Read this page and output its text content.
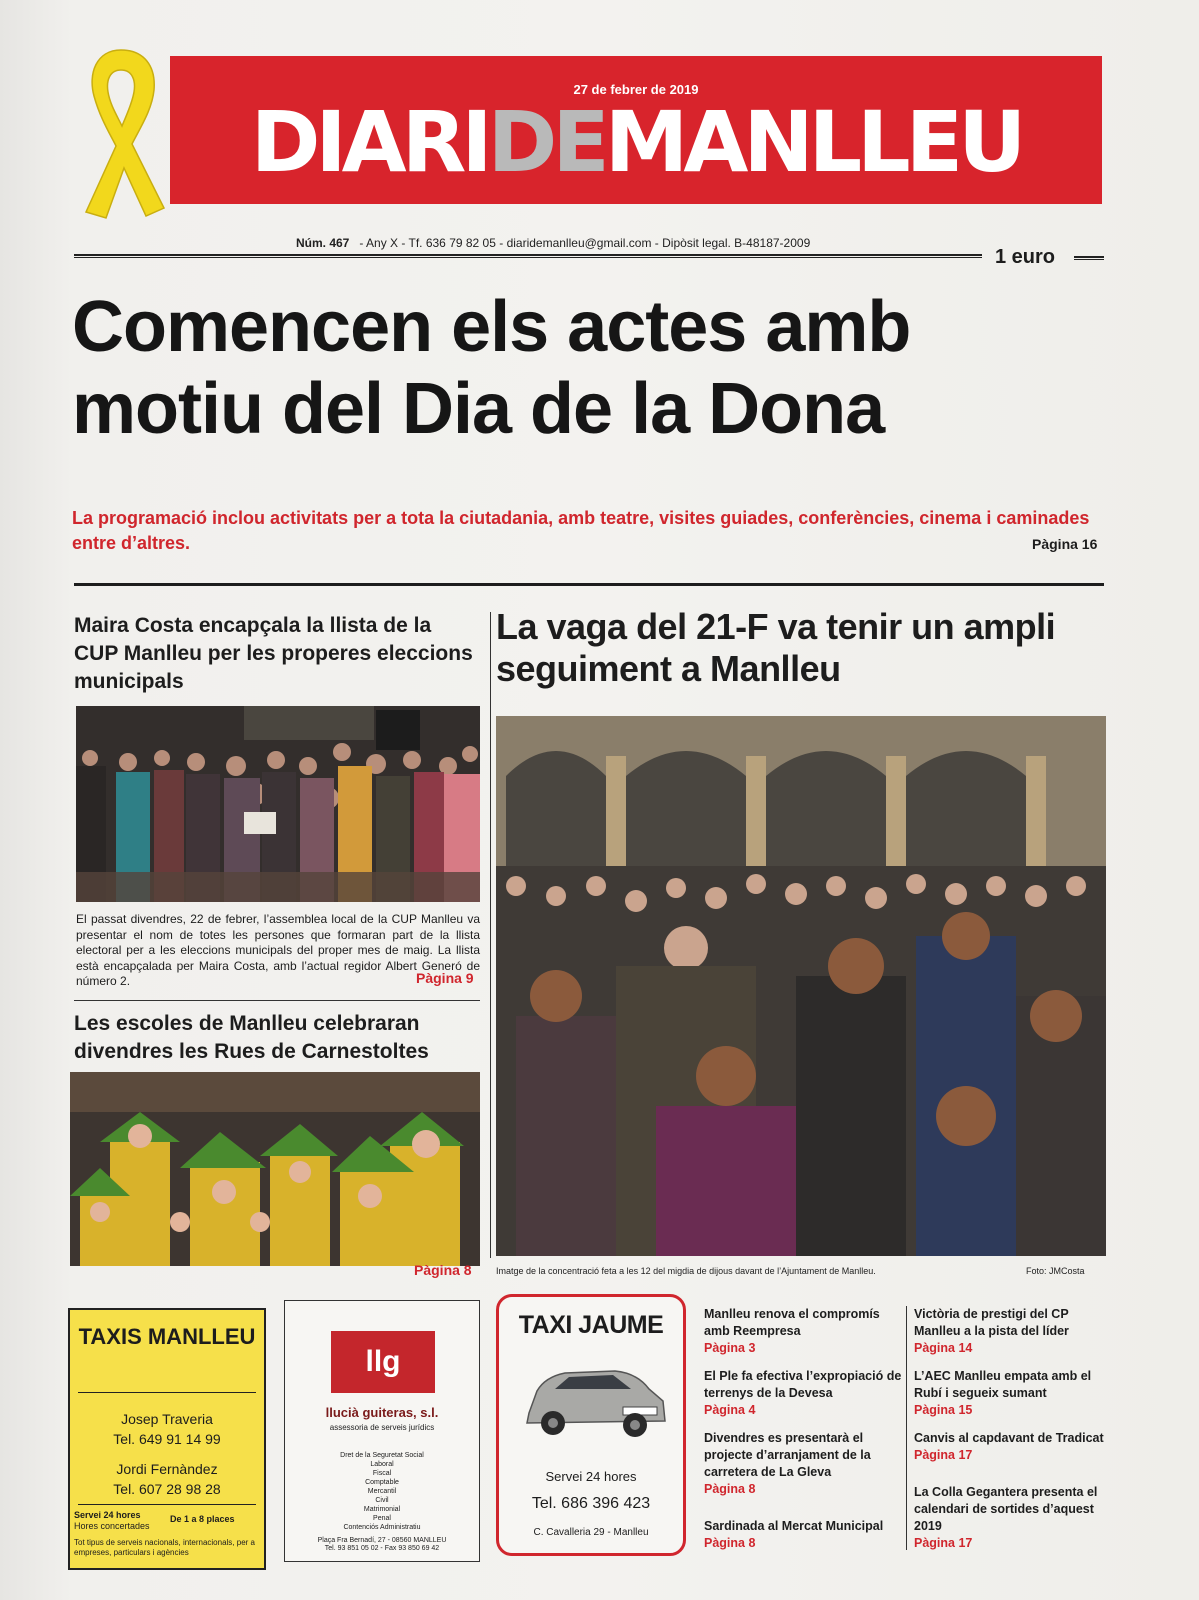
27 de febrer de 2019
DIARIDEMANLLEU
Núm. 467 - Any X - Tf. 636 79 82 05 - diaridemanlleu@gmail.com - Dipòsit legal. B-48187-2009
1 euro
Comencen els actes amb motiu del Dia de la Dona
La programació inclou activitats per a tota la ciutadania, amb teatre, visites guiades, conferències, cinema i caminades entre d’altres.	Pàgina 16
Maira Costa encapçala la llista de la CUP Manlleu per les properes eleccions municipals

El passat divendres, 22 de febrer, l’assemblea local de la CUP Manlleu va presentar el nom de totes les persones que formaran part de la llista electoral per a les eleccions municipals del proper mes de maig. La llista està encapçalada per Maira Costa, amb l’actual regidor Albert Generó de número 2.	Pàgina 9
Les escoles de Manlleu celebraran divendres les Rues de Carnestoltes
Pàgina 8
La vaga del 21-F va tenir un ampli seguiment a Manlleu
Imatge de la concentració feta a les 12 del migdia de dijous davant de l’Ajuntament de Manlleu.	Foto: JMCosta
TAXIS MANLLEU
Josep Traveria
Tel. 649 91 14 99
Jordi Fernàndez
Tel. 607 28 98 28
Servei 24 hores
Hores concertades
De 1 a 8 places
Tot tipus de serveis nacionals, internacionals, per a empreses, particulars i agències
llg
llucià guiteras, s.l.
assessoria de serveis jurídics
Dret de la Seguretat Social
Laboral
Fiscal
Comptable
Mercantil
Civil
Matrimonial
Penal
Contenciós Administratiu
Plaça Fra Bernadí, 27 - 08560 MANLLEU
Tel. 93 851 05 02 - Fax 93 850 69 42
TAXI JAUME
Servei 24 hores
Tel. 686 396 423
C. Cavalleria 29 - Manlleu
Manlleu renova el compromís amb Reempresa
Pàgina 3
El Ple fa efectiva l’expropiació de terrenys de la Devesa
Pàgina 4
Divendres es presentarà el projecte d’arranjament de la carretera de La Gleva
Pàgina 8
Sardinada al Mercat Municipal
Pàgina 8
Victòria de prestigi del CP Manlleu a la pista del líder
Pàgina 14
L’AEC Manlleu empata amb el Rubí i segueix sumant
Pàgina 15
Canvis al capdavant de Tradicat
Pàgina 17
La Colla Gegantera presenta el calendari de sortides d’aquest 2019
Pàgina 17
